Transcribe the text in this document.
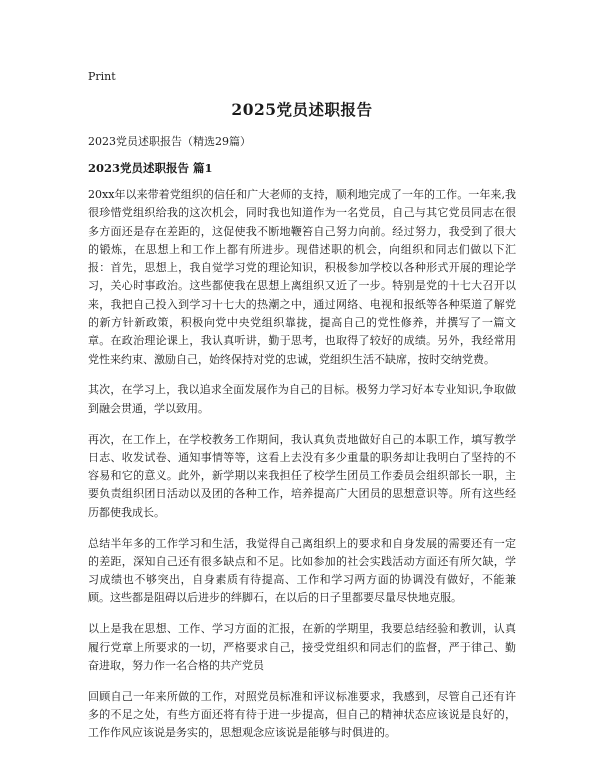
Print
2025党员述职报告
2023党员述职报告（精选29篇）
2023党员述职报告 篇1

20xx年以来带着党组织的信任和广大老师的支持，顺利地完成了一年的工作。一年来,我很珍惜党组织给我的这次机会，同时我也知道作为一名党员，自己与其它党员同志在很多方面还是存在差距的，这促使我不断地鞭笞自己努力向前。经过努力，我受到了很大的锻炼，在思想上和工作上都有所进步。现借述职的机会，向组织和同志们做以下汇报：首先，思想上，我自觉学习党的理论知识，积极参加学校以各种形式开展的理论学习，关心时事政治。这些都使我在思想上离组织又近了一步。特别是党的十七大召开以来，我把自己投入到学习十七大的热潮之中，通过网络、电视和报纸等各种渠道了解党的新方针新政策，积极向党中央党组织靠拢，提高自己的党性修养，并撰写了一篇文章。在政治理论课上，我认真听讲，勤于思考，也取得了较好的成绩。另外，我经常用党性来约束、激励自己，始终保持对党的忠诚，党组织生活不缺席，按时交纳党费。

其次，在学习上，我以追求全面发展作为自己的目标。极努力学习好本专业知识,争取做到融会贯通，学以致用。

再次，在工作上，在学校教务工作期间，我认真负责地做好自己的本职工作，填写教学日志、收发试卷、通知事情等等，这看上去没有多少重量的职务却让我明白了坚持的不容易和它的意义。此外，新学期以来我担任了校学生团员工作委员会组织部长一职，主要负责组织团日活动以及团的各种工作，培养提高广大团员的思想意识等。所有这些经历都使我成长。

总结半年多的工作学习和生活，我觉得自己离组织上的要求和自身发展的需要还有一定的差距，深知自己还有很多缺点和不足。比如参加的社会实践活动方面还有所欠缺，学习成绩也不够突出，自身素质有待提高、工作和学习两方面的协调没有做好，不能兼顾。这些都是阻碍以后进步的绊脚石，在以后的日子里都要尽量尽快地克服。

以上是我在思想、工作、学习方面的汇报，在新的学期里，我要总结经验和教训，认真履行党章上所要求的一切，严格要求自己，接受党组织和同志们的监督，严于律己、勤奋进取，努力作一名合格的共产党员

回顾自己一年来所做的工作，对照党员标准和评议标准要求，我感到，尽管自己还有许多的不足之处，有些方面还将有待于进一步提高，但自己的精神状态应该说是良好的，工作作风应该说是务实的，思想观念应该说是能够与时俱进的。
